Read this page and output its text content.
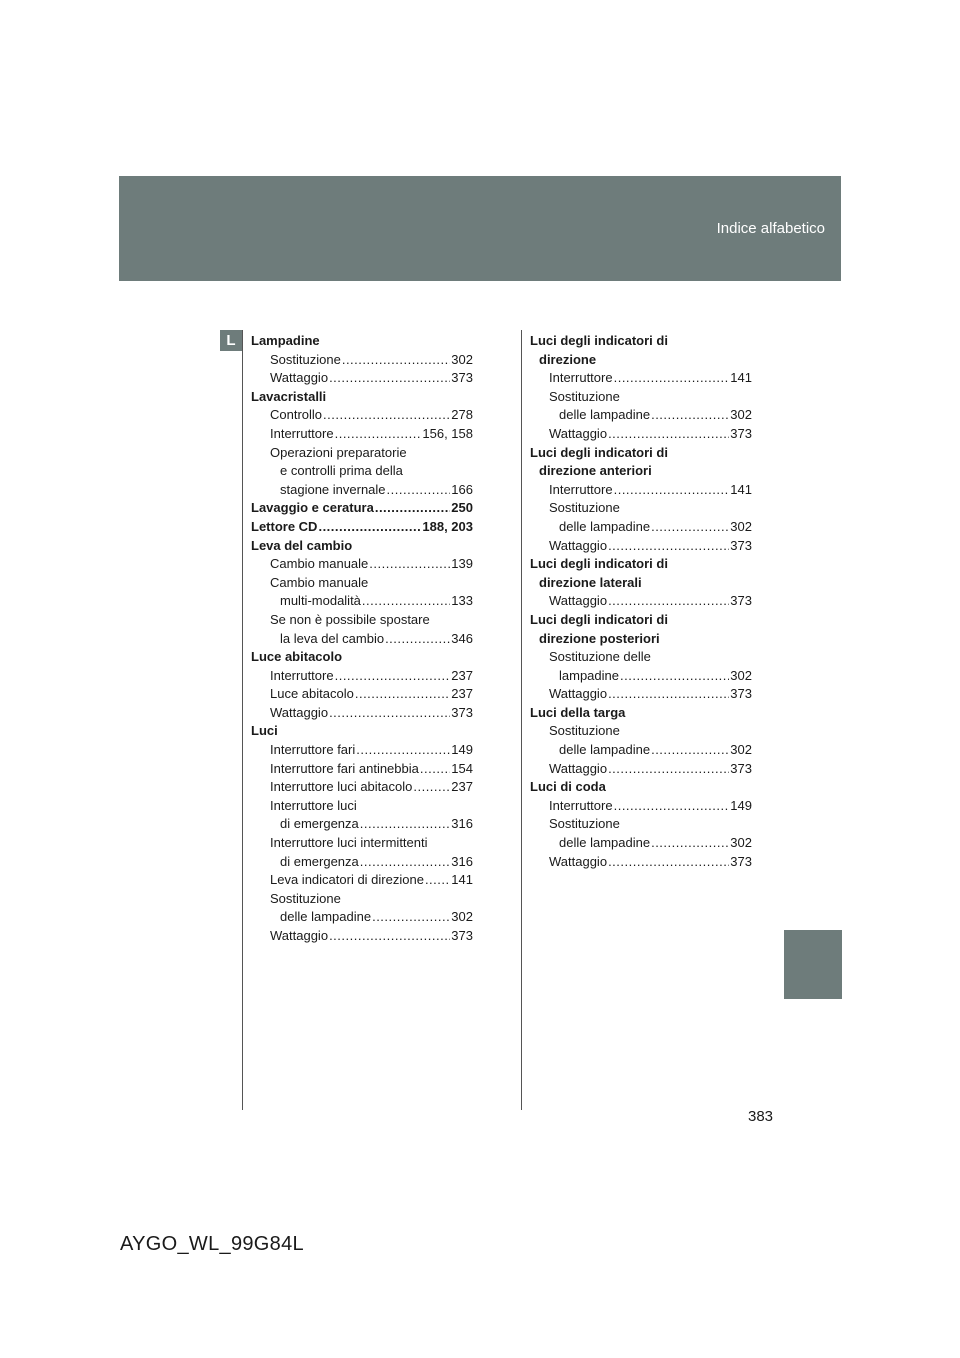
Indice alfabetico
L	Lampadine
Sostituzione .....	302
Wattaggio .....	373
Lavacristalli
Controllo .....	278
Interruttore .....	156, 158
Operazioni preparatorie
e controlli prima della
stagione invernale .....	166
Lavaggio e ceratura .....	250
Lettore CD .....	188, 203
Leva del cambio
Cambio manuale .....	139
Cambio manuale
multi-modalità .....	133
Se non è possibile spostare
la leva del cambio .....	346
Luce abitacolo
Interruttore .....	237
Luce abitacolo .....	237
Wattaggio .....	373
Luci
Interruttore fari .....	149
Interruttore fari antinebbia ..... 154
Interruttore luci abitacolo .....	237
Interruttore luci
di emergenza .....	316
Interruttore luci intermittenti
di emergenza .....	316
Leva indicatori di direzione ..... 141
Sostituzione
delle lampadine .....	302
Wattaggio .....	373
Luci degli indicatori di
direzione
Interruttore .....	141
Sostituzione
delle lampadine .....	302
Wattaggio .....	373
Luci degli indicatori di
direzione anteriori
Interruttore .....	141
Sostituzione
delle lampadine .....	302
Wattaggio .....	373
Luci degli indicatori di
direzione laterali
Wattaggio .....	373
Luci degli indicatori di
direzione posteriori
Sostituzione delle
lampadine .....	302
Wattaggio .....	373
Luci della targa
Sostituzione
delle lampadine .....	302
Wattaggio .....	373
Luci di coda
Interruttore .....	149
Sostituzione
delle lampadine .....	302
Wattaggio .....	373
383
AYGO_WL_99G84L
